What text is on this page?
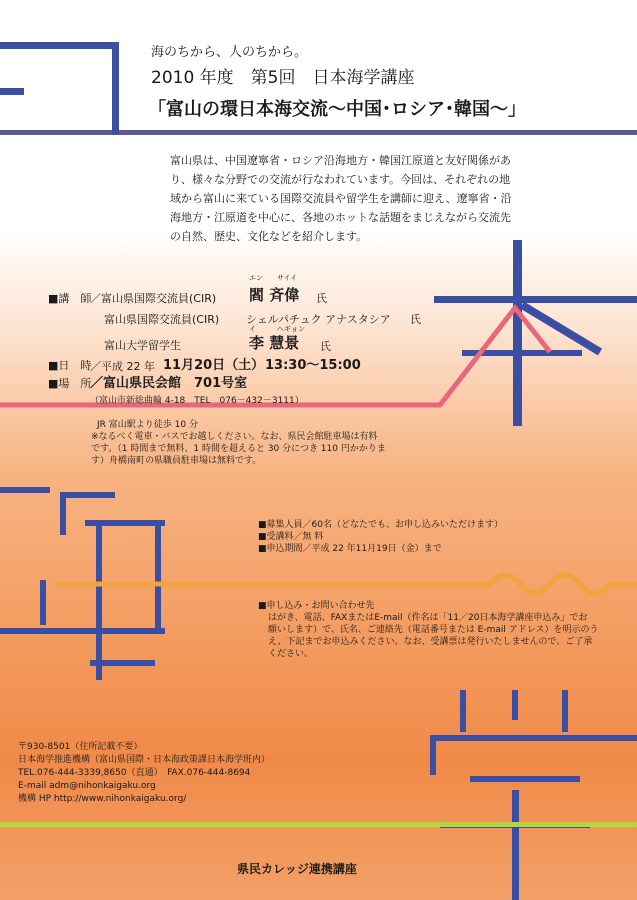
海のちから、人のちから。
2010 年度　第5回　日本海学講座
「富山の環日本海交流～中国･ロシア･韓国～」
富山県は、中国遼寧省・ロシア沿海地方・韓国江原道と友好関係があ
り、様々な分野での交流が行なわれています。今回は、それぞれの地
域から富山に来ている国際交流員や留学生を講師に迎え、遼寧省・沿
海地方・江原道を中心に、各地のホットな話題をまじえながら交流先
の自然、歴史、文化などを紹介します。
■講　師
／富山県国際交流員(CIR)
エン　　サイイ
閻 斉偉 氏
富山県国際交流員(CIR) シェルパチュク アナスタシア 氏
富山大学留学生
イ　　　ヘギョン
李 慧景 氏
■日　時
／平成 22 年 11月20日（土） 13:30～15:00
■場　所
／富山県民会館　701号室
（富山市新総曲輪 4-18　TEL　076－432－3111）
JR 富山駅より徒歩 10 分
※なるべく電車・バスでお越しください。なお、県民会館駐車場は有料
です。（1 時間まで無料、1 時間を超えると 30 分につき 110 円かかりま
す）舟橋南町の県職員駐車場は無料です。
■募集人員／60名（どなたでも、お申し込みいただけます）
■受講料／無 料
■申込期間／平成 22 年11月19日（金）まで
■申し込み・お問い合わせ先
はがき、電話、FAXまたはE-mail（件名は「11／20日本海学講座申込み」でお
願いします）で、氏名、ご連絡先（電話番号または E-mail アドレス）を明示のう
え、下記までお申込みください。なお、受講票は発行いたしませんので、ご了承
ください。
〒930-8501（住所記載不要）
日本海学推進機構（富山県国際・日本海政策課日本海学班内）
TEL.076-444-3339,8650（直通）　FAX.076-444-8694
E-mail adm@nihonkaigaku.org
機構 HP http://www.nihonkaigaku.org/
県民カレッジ連携講座
